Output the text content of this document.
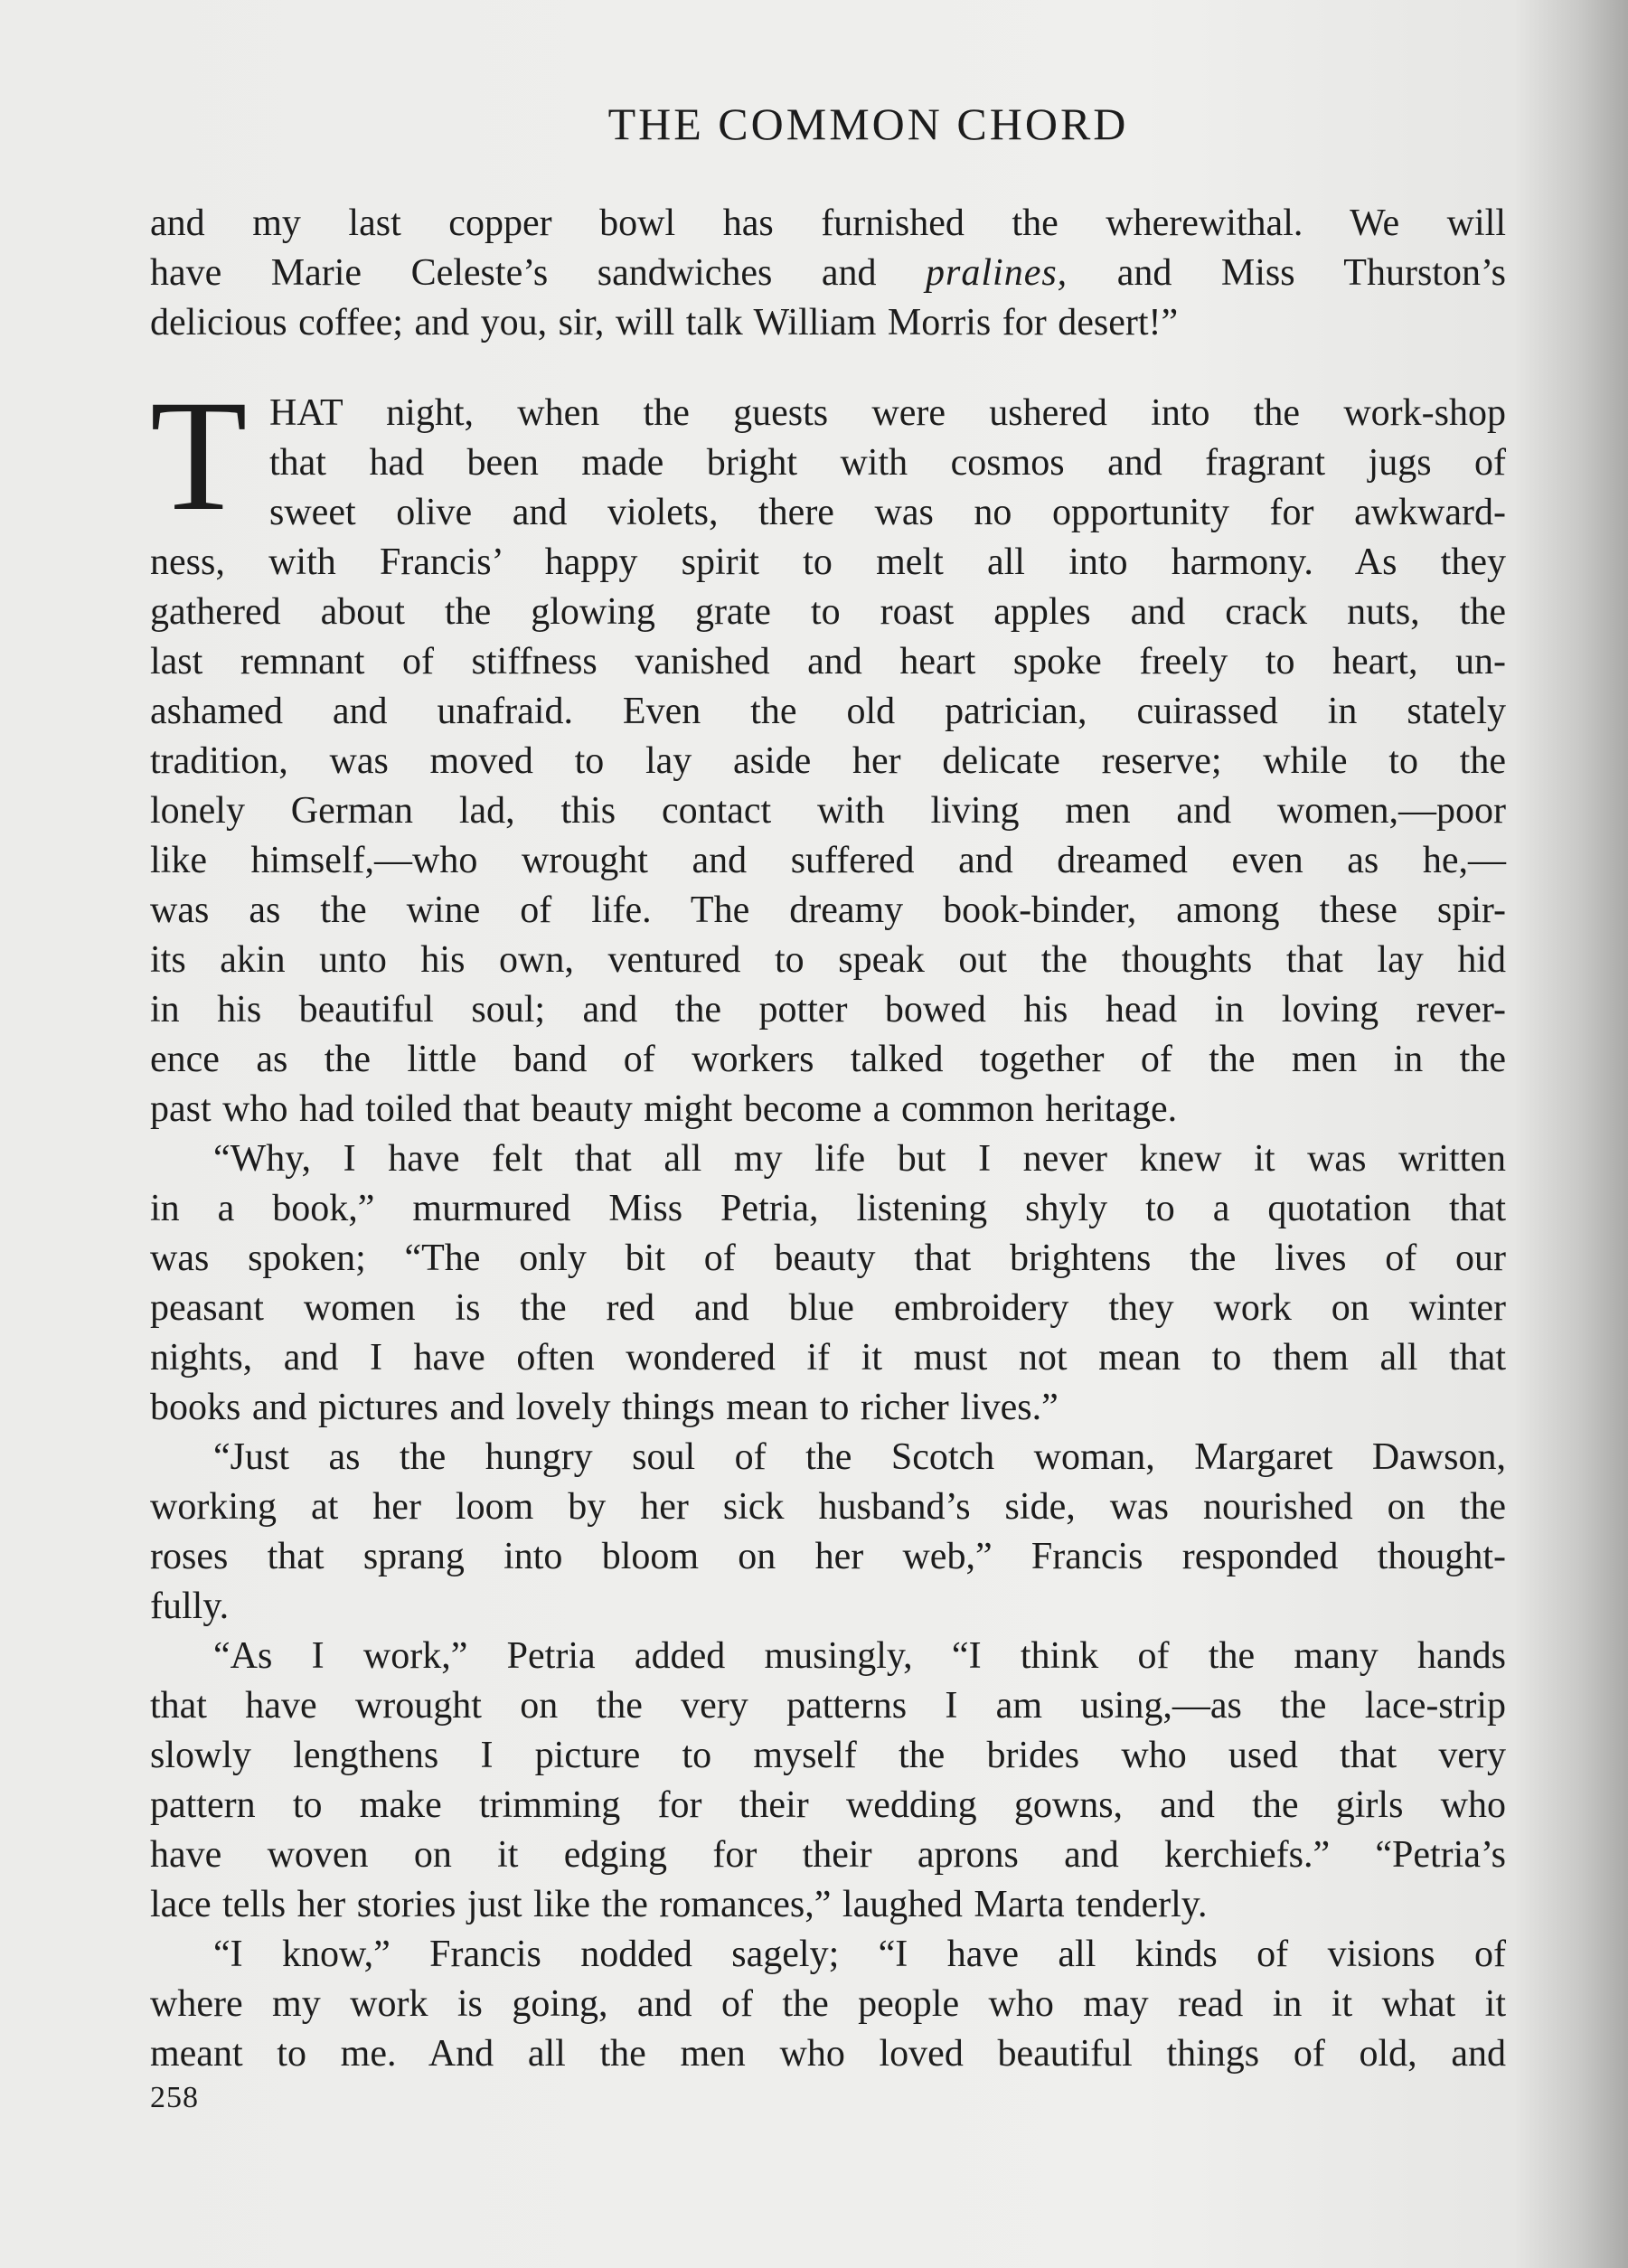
THE COMMON CHORD
and my last copper bowl has furnished the wherewithal. We will
have Marie Celeste’s sandwiches and pralines, and Miss Thurston’s
delicious coffee; and you, sir, will talk William Morris for desert!”
T HAT night, when the guests were ushered into the work-shop
that had been made bright with cosmos and fragrant jugs of
sweet olive and violets, there was no opportunity for awkward-
ness, with Francis’ happy spirit to melt all into harmony. As they
gathered about the glowing grate to roast apples and crack nuts, the
last remnant of stiffness vanished and heart spoke freely to heart, un-
ashamed and unafraid. Even the old patrician, cuirassed in stately
tradition, was moved to lay aside her delicate reserve; while to the
lonely German lad, this contact with living men and women,—poor
like himself,—who wrought and suffered and dreamed even as he,—
was as the wine of life. The dreamy book-binder, among these spir-
its akin unto his own, ventured to speak out the thoughts that lay hid
in his beautiful soul; and the potter bowed his head in loving rever-
ence as the little band of workers talked together of the men in the
past who had toiled that beauty might become a common heritage.
“Why, I have felt that all my life but I never knew it was written
in a book,” murmured Miss Petria, listening shyly to a quotation that
was spoken; “The only bit of beauty that brightens the lives of our
peasant women is the red and blue embroidery they work on winter
nights, and I have often wondered if it must not mean to them all that
books and pictures and lovely things mean to richer lives.”
“Just as the hungry soul of the Scotch woman, Margaret Dawson,
working at her loom by her sick husband’s side, was nourished on the
roses that sprang into bloom on her web,” Francis responded thought-
fully.
“As I work,” Petria added musingly, “I think of the many hands
that have wrought on the very patterns I am using,—as the lace-strip
slowly lengthens I picture to myself the brides who used that very
pattern to make trimming for their wedding gowns, and the girls who
have woven on it edging for their aprons and kerchiefs.” “Petria’s
lace tells her stories just like the romances,” laughed Marta tenderly.
“I know,” Francis nodded sagely; “I have all kinds of visions of
where my work is going, and of the people who may read in it what it
meant to me. And all the men who loved beautiful things of old, and
258
